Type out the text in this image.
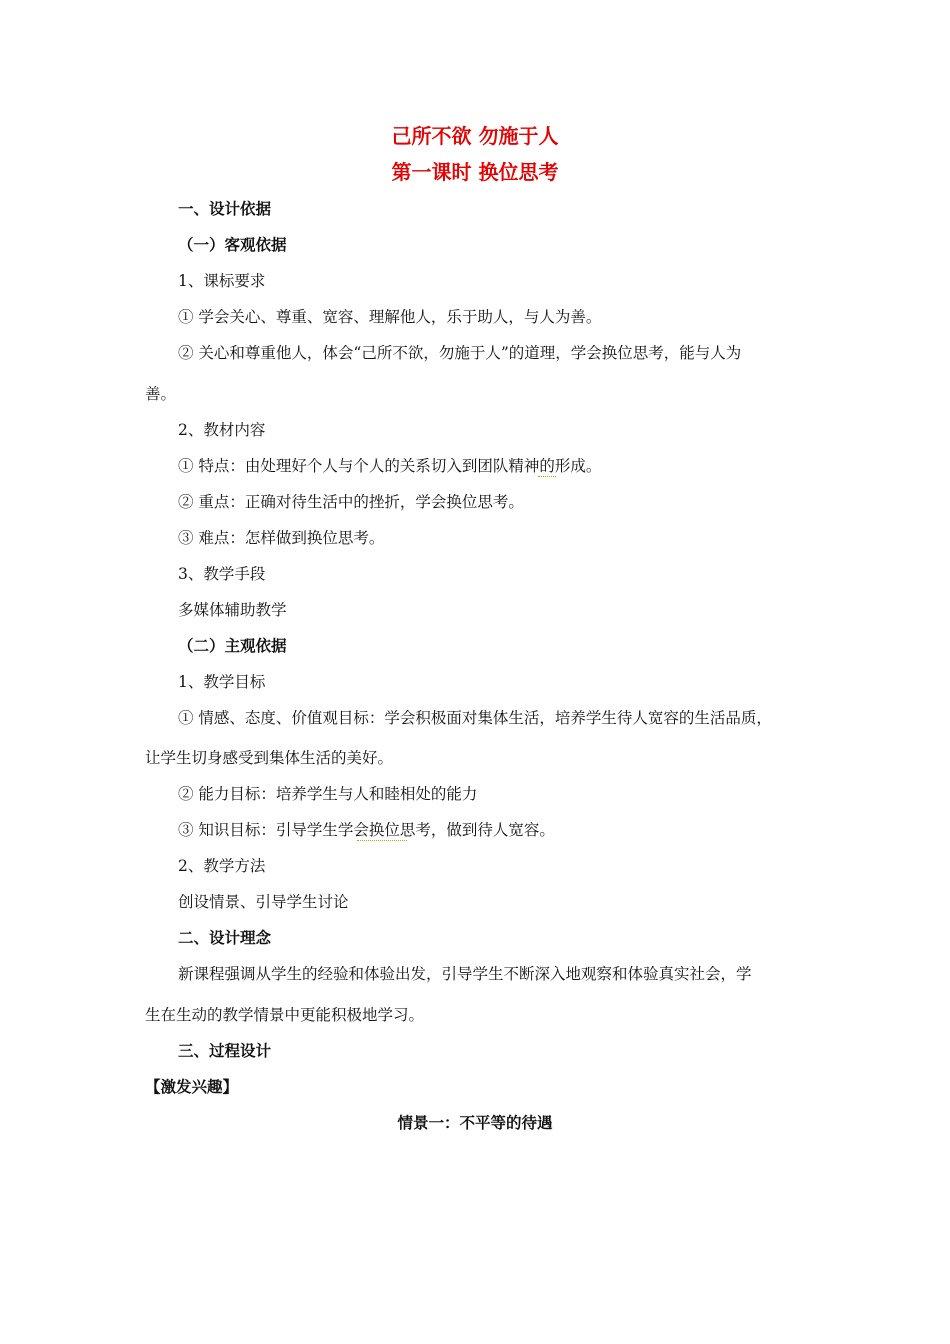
己所不欲 勿施于人
第一课时 换位思考
一、设计依据
（一）客观依据
1、课标要求
① 学会关心、尊重、宽容、理解他人，乐于助人，与人为善。
② 关心和尊重他人，体会“己所不欲，勿施于人”的道理，学会换位思考，能与人为
善。
2、教材内容
① 特点：由处理好个人与个人的关系切入到团队精神的形成。
② 重点：正确对待生活中的挫折，学会换位思考。
③ 难点：怎样做到换位思考。
3、教学手段
多媒体辅助教学
（二）主观依据
1、教学目标
① 情感、态度、价值观目标：学会积极面对集体生活，培养学生待人宽容的生活品质，
让学生切身感受到集体生活的美好。
② 能力目标：培养学生与人和睦相处的能力
③ 知识目标：引导学生学会换位思考，做到待人宽容。
2、教学方法
创设情景、引导学生讨论
二、设计理念
新课程强调从学生的经验和体验出发，引导学生不断深入地观察和体验真实社会，学
生在生动的教学情景中更能积极地学习。
三、过程设计
【激发兴趣】
情景一：不平等的待遇
